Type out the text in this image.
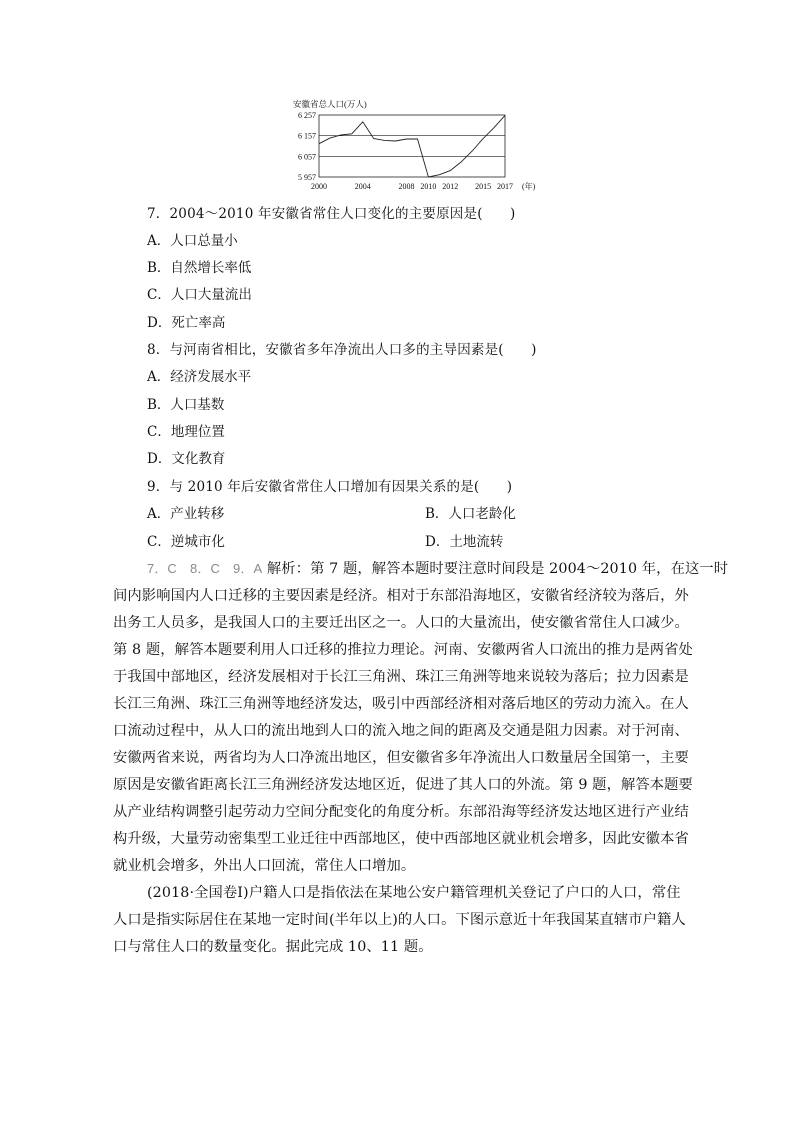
安徽省总人口(万人)
6 257
6 157
6 057
5 957
2000	2004	2008 2010 2012 2015 2017 (年)
7．2004～2010 年安徽省常住人口变化的主要原因是(　　)
A．人口总量小
B．自然增长率低
C．人口大量流出
D．死亡率高
8．与河南省相比，安徽省多年净流出人口多的主导因素是(　　)
A．经济发展水平
B．人口基数
C．地理位置
D．文化教育
9．与 2010 年后安徽省常住人口增加有因果关系的是(　　)
A．产业转移	B．人口老龄化
C．逆城市化	D．土地流转
7．C　8．C　9．A 解析：第 7 题，解答本题时要注意时间段是 2004～2010 年，在这一时
间内影响国内人口迁移的主要因素是经济。相对于东部沿海地区，安徽省经济较为落后，外
出务工人员多，是我国人口的主要迁出区之一。人口的大量流出，使安徽省常住人口减少。
第 8 题，解答本题要利用人口迁移的推拉力理论。河南、安徽两省人口流出的推力是两省处
于我国中部地区，经济发展相对于长江三角洲、珠江三角洲等地来说较为落后；拉力因素是
长江三角洲、珠江三角洲等地经济发达，吸引中西部经济相对落后地区的劳动力流入。在人
口流动过程中，从人口的流出地到人口的流入地之间的距离及交通是阻力因素。对于河南、
安徽两省来说，两省均为人口净流出地区，但安徽省多年净流出人口数量居全国第一，主要
原因是安徽省距离长江三角洲经济发达地区近，促进了其人口的外流。第 9 题，解答本题要
从产业结构调整引起劳动力空间分配变化的角度分析。东部沿海等经济发达地区进行产业结
构升级，大量劳动密集型工业迁往中西部地区，使中西部地区就业机会增多，因此安徽本省
就业机会增多，外出人口回流，常住人口增加。
(2018·全国卷Ⅰ)户籍人口是指依法在某地公安户籍管理机关登记了户口的人口，常住
人口是指实际居住在某地一定时间(半年以上)的人口。下图示意近十年我国某直辖市户籍人
口与常住人口的数量变化。据此完成 10、11 题。
